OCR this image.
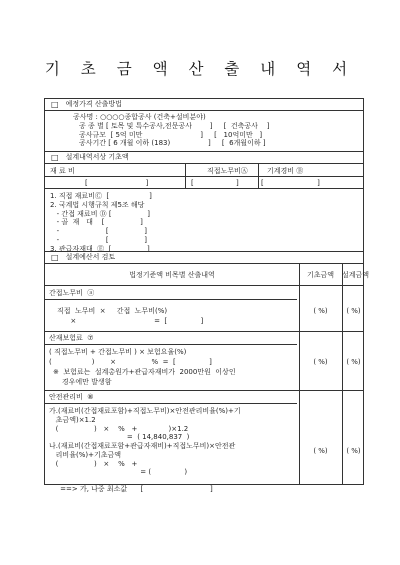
기 초 금 액 산 출 내 역 서
□ 예정가격 산출방법
공사명 : ○○○○종합공사 (건축+설비분야)
공 종 별 [ 토목 및 특수공사,전문공사        ]     [  건축공사    ]
공사규모  [ 5억 미만                          ]     [   10억미만   ]
공사기간 [ 6 개월 이하 (183)                 ]     [  6개월이하 ]
□ 설계내역서상 기초액
재 료 비	직접노무비Ⓐ	기계경비 Ⓑ
[                          ]	[                   ]	[                        ]
1. 직접 재료비Ⓒ  [                  ]
2. 국계법 시행규칙 제5조 해당
- 간접 재료비 Ⓓ [                ]
- 골  재   대    [                ]
-                     [                ]
-                     [                ]
3. 관급자재대  Ⓔ  [                ]
□ 설계예산서 검토
법정기준액 비목별 산출내역	기초금액	설계금액
간접노무비  ⓐ
직접  노무비  ×     간접  노무비(%)
×                                   =  [               ]
( %)	( %)
산재보험료  ⑦
( 직접노무비 + 간접노무비 ) × 보험요율(%)
(                  )       ×                %  =  [               ]
※  보험료는  설계총원가+관급자재비가  2000만원  이상인
경우에만 발생함
( %)	( %)
안전관리비  ⑧
가.(재료비(간접재료포함)+직접노무비)×안전관리비율(%)+기
초금액)×1.2
(                )   ×    %   +              )×1.2
=  ( 14,840,837  )
나.(재료비(간접재료포함+관급자재비)+직접노무비)×안전관
리비율(%)+기초금액
(                )   ×    %   +
= (               )
==> 가, 나중 최소값      [                              ]
( %)	( %)
